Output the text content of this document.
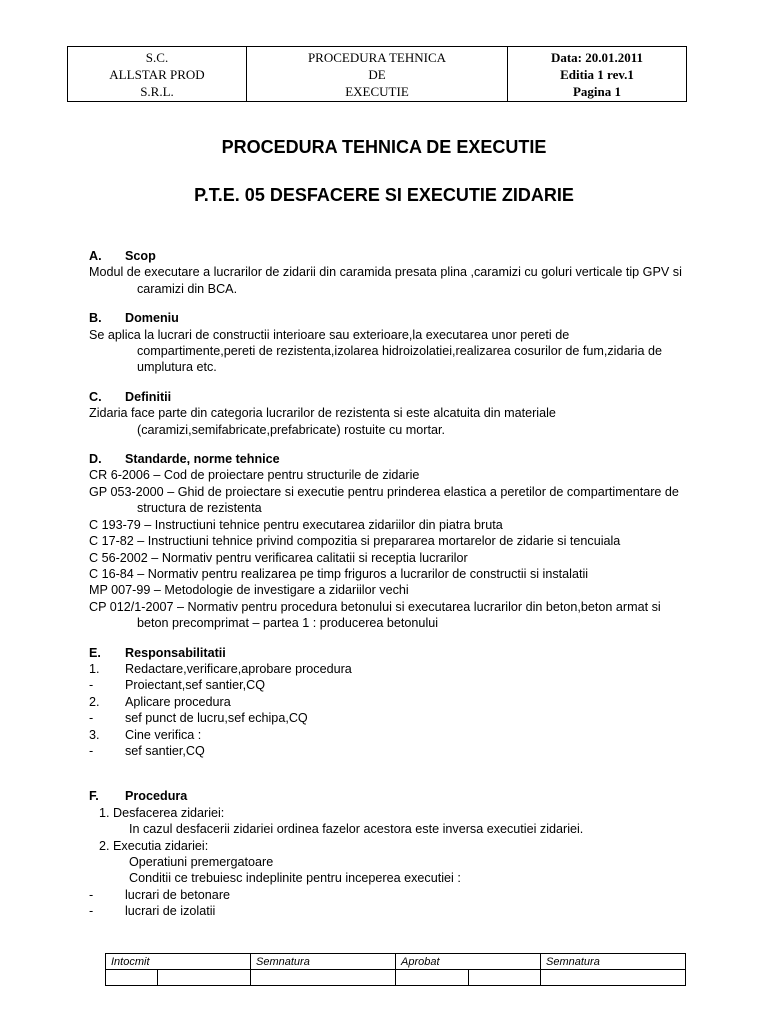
S.C.
ALLSTAR PROD
S.R.L.

PROCEDURA TEHNICA
DE
EXECUTIE

Data: 20.01.2011
Editia 1 rev.1
Pagina 1
PROCEDURA TEHNICA DE EXECUTIE
P.T.E. 05 DESFACERE SI EXECUTIE ZIDARIE
A. Scop
Modul de executare a lucrarilor de zidarii din caramida presata plina ,caramizi cu goluri verticale tip GPV si caramizi din BCA.
B. Domeniu
Se aplica la lucrari de constructii interioare sau exterioare,la executarea unor pereti de compartimente,pereti de rezistenta,izolarea hidroizolatiei,realizarea cosurilor de fum,zidaria de umplutura etc.
C. Definitii
Zidaria face parte din categoria lucrarilor de rezistenta si este alcatuita din materiale (caramizi,semifabricate,prefabricate) rostuite cu mortar.
D. Standarde, norme tehnice
CR 6-2006 – Cod de proiectare pentru structurile de zidarie
GP 053-2000 – Ghid de proiectare si executie pentru prinderea elastica a peretilor de compartimentare de structura de rezistenta
C 193-79 – Instructiuni tehnice pentru executarea zidariilor din piatra bruta
C 17-82 – Instructiuni tehnice privind compozitia si prepararea mortarelor de zidarie si tencuiala
C 56-2002 – Normativ pentru verificarea calitatii si receptia lucrarilor
C 16-84 – Normativ pentru realizarea pe timp friguros a lucrarilor de constructii si instalatii
MP 007-99 – Metodologie de investigare a zidariilor vechi
CP 012/1-2007 – Normativ pentru procedura betonului si executarea lucrarilor din beton,beton armat si beton precomprimat – partea 1 : producerea betonului
E. Responsabilitatii
1. Redactare,verificare,aprobare procedura
-	Proiectant,sef santier,CQ
2. Aplicare procedura
-	sef punct de lucru,sef echipa,CQ
3. Cine verifica :
-	sef santier,CQ
F. Procedura
1. Desfacerea zidariei:
In cazul desfacerii zidariei ordinea fazelor acestora este inversa executiei zidariei.
2. Executia zidariei:
Operatiuni premergatoare
Conditii ce trebuiesc indeplinite pentru inceperea executiei :
-	lucrari de betonare
-	lucrari de izolatii
Intocmit		Semnatura	Aprobat		Semnatura
